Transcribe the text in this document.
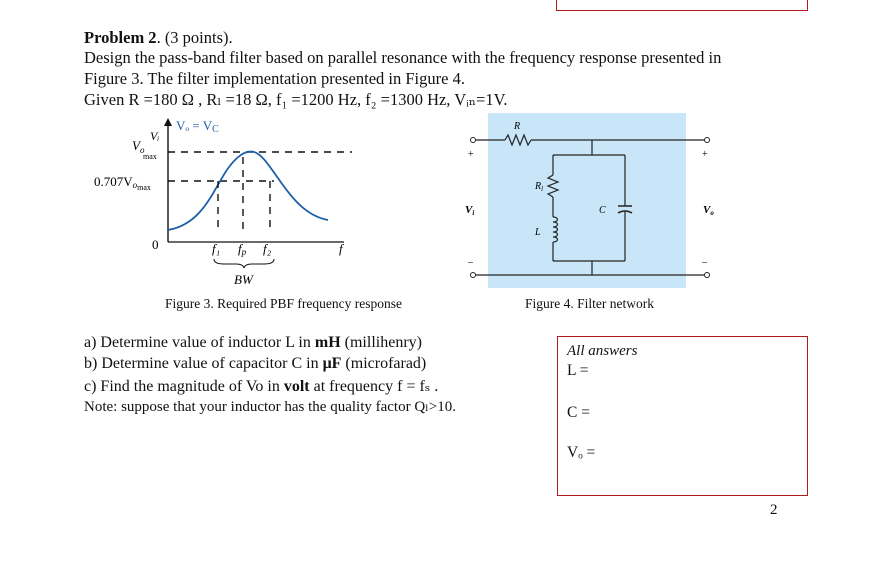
Problem 2. (3 points).
Design the pass-band filter based on parallel resonance with the frequency response presented in
Figure 3. The filter implementation presented in Figure 4.
Given R =180 Ω , Rₗ =18 Ω, f₁ =1200 Hz, f₂ =1300 Hz, Vᵢₙ=1V.
Vₒ = VC
$V_o$
max
Vᵢ
0.707Vomax
0	f₁ fp f₂	f
BW
Figure 3. Required PBF frequency response
R
$R_l$
L
C
Vi	Vo
+
–
+
–
Figure 4. Filter network
a) Determine value of inductor L in mH (millihenry)
b) Determine value of capacitor C in μF (microfarad)
c) Find the magnitude of Vo in volt at frequency f = fₛ .
Note: suppose that your inductor has the quality factor Qₗ>10.
All answers
L =
C =
Vₒ =
2
